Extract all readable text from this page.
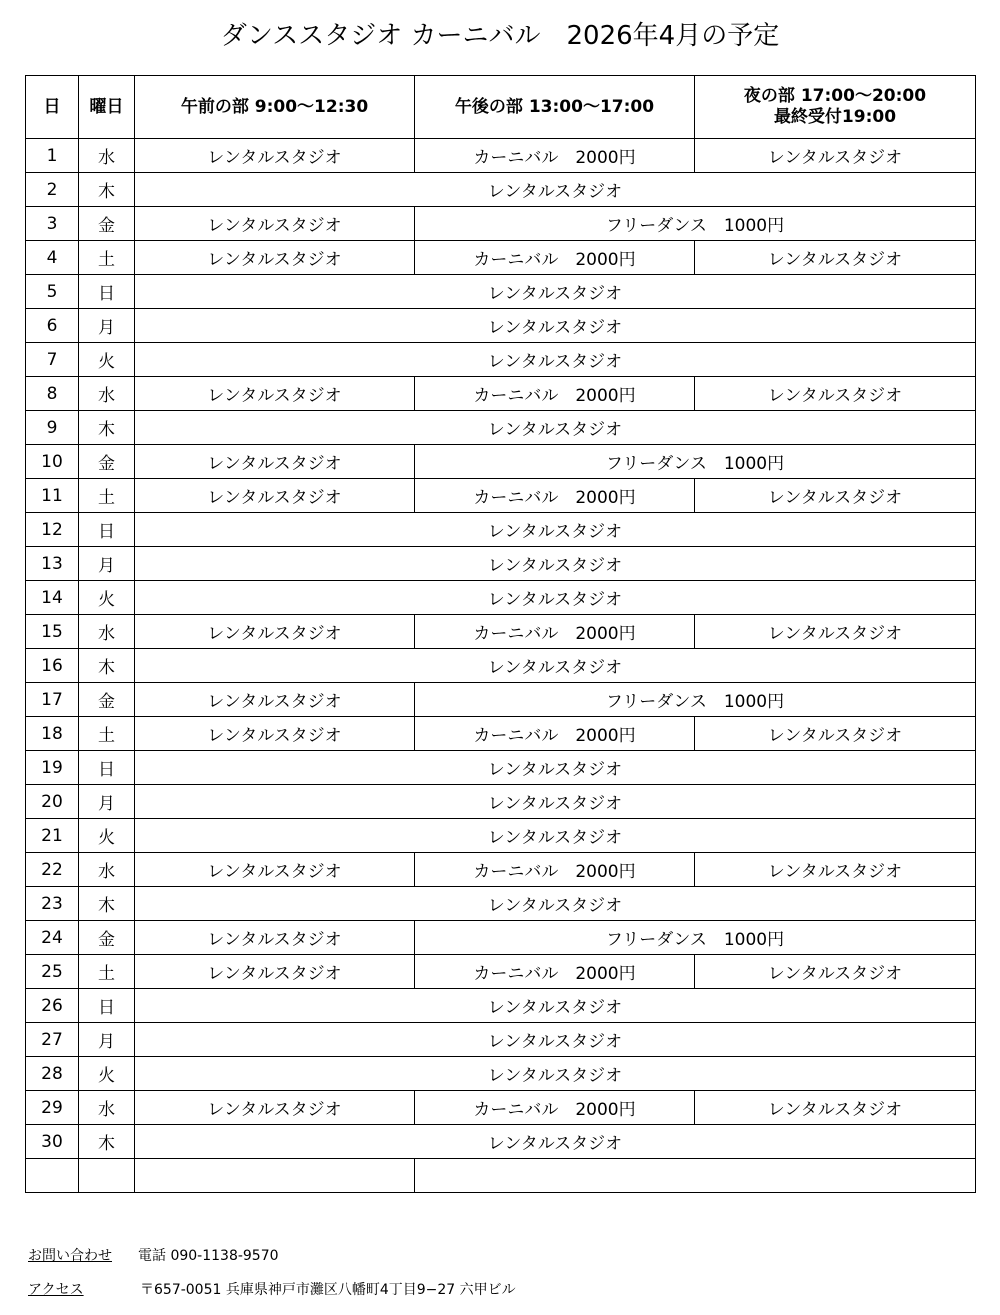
ダンススタジオ カーニバル　2026年4月の予定
日	曜日	午前の部 9:00～12:30	午後の部 13:00～17:00	夜の部 17:00～20:00
最終受付19:00

1	水	レンタルスタジオ	カーニバル　2000円	レンタルスタジオ
2	木	レンタルスタジオ		
3	金	レンタルスタジオ	フリーダンス　1000円	
4	土	レンタルスタジオ	カーニバル　2000円	レンタルスタジオ
5	日	レンタルスタジオ		
6	月	レンタルスタジオ		
7	火	レンタルスタジオ		
8	水	レンタルスタジオ	カーニバル　2000円	レンタルスタジオ
9	木	レンタルスタジオ		
10	金	レンタルスタジオ	フリーダンス　1000円	
11	土	レンタルスタジオ	カーニバル　2000円	レンタルスタジオ
12	日	レンタルスタジオ		
13	月	レンタルスタジオ		
14	火	レンタルスタジオ		
15	水	レンタルスタジオ	カーニバル　2000円	レンタルスタジオ
16	木	レンタルスタジオ		
17	金	レンタルスタジオ	フリーダンス　1000円	
18	土	レンタルスタジオ	カーニバル　2000円	レンタルスタジオ
19	日	レンタルスタジオ		
20	月	レンタルスタジオ		
21	火	レンタルスタジオ		
22	水	レンタルスタジオ	カーニバル　2000円	レンタルスタジオ
23	木	レンタルスタジオ		
24	金	レンタルスタジオ	フリーダンス　1000円	
25	土	レンタルスタジオ	カーニバル　2000円	レンタルスタジオ
26	日	レンタルスタジオ		
27	月	レンタルスタジオ		
28	火	レンタルスタジオ		
29	水	レンタルスタジオ	カーニバル　2000円	レンタルスタジオ
30	木	レンタルスタジオ		

お問い合わせ 電話 090-1138-9570
アクセス	〒657-0051 兵庫県神戸市灘区八幡町4丁目9−27 六甲ビル
